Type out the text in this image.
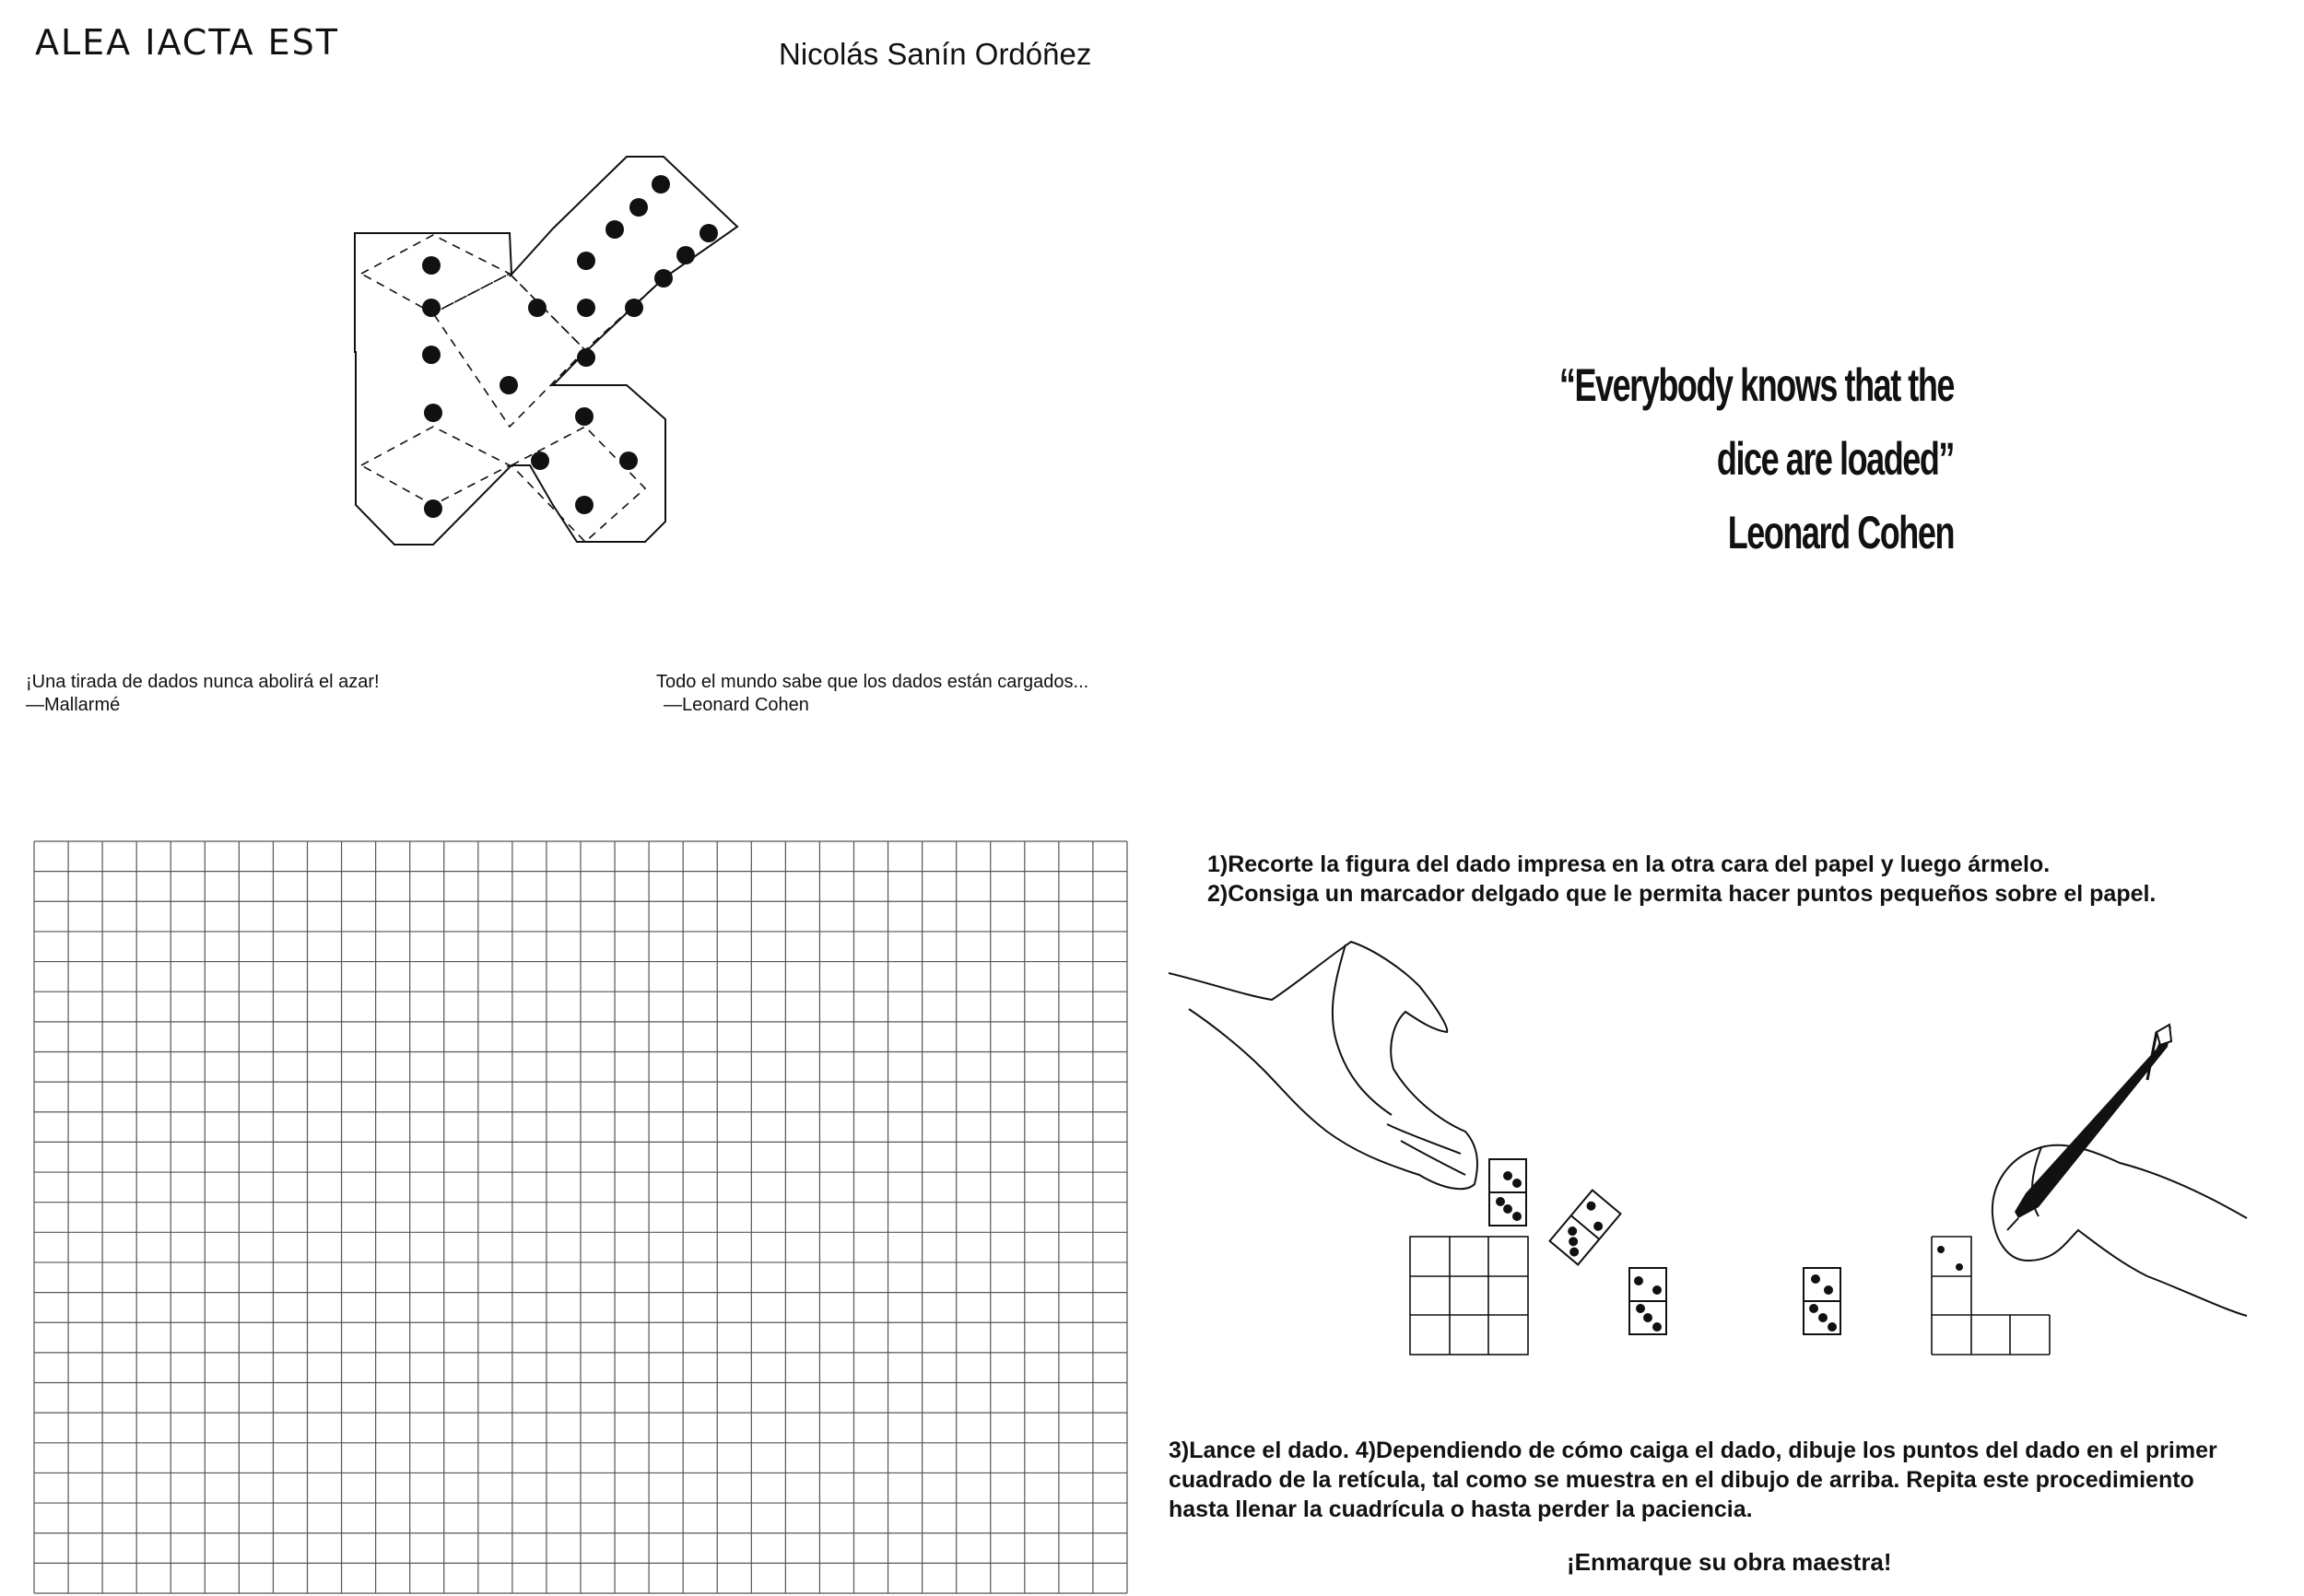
ALEA IACTA EST	Nicolás Sanín Ordóñez
“Everybody knows that the dice are loaded”
Leonard Cohen
¡Una tirada de dados nunca abolirá el azar!
—Mallarmé
Todo el mundo sabe que los dados están cargados...
—Leonard Cohen
1)Recorte la figura del dado impresa en la otra cara del papel y luego ármelo.
2)Consiga un marcador delgado que le permita hacer puntos pequeños sobre el papel.
3)Lance el dado. 4)Dependiendo de cómo caiga el dado, dibuje los puntos del dado en el primer
cuadrado de la retícula, tal como se muestra en el dibujo de arriba. Repita este procedimiento
hasta llenar la cuadrícula o hasta perder la paciencia.
¡Enmarque su obra maestra!
